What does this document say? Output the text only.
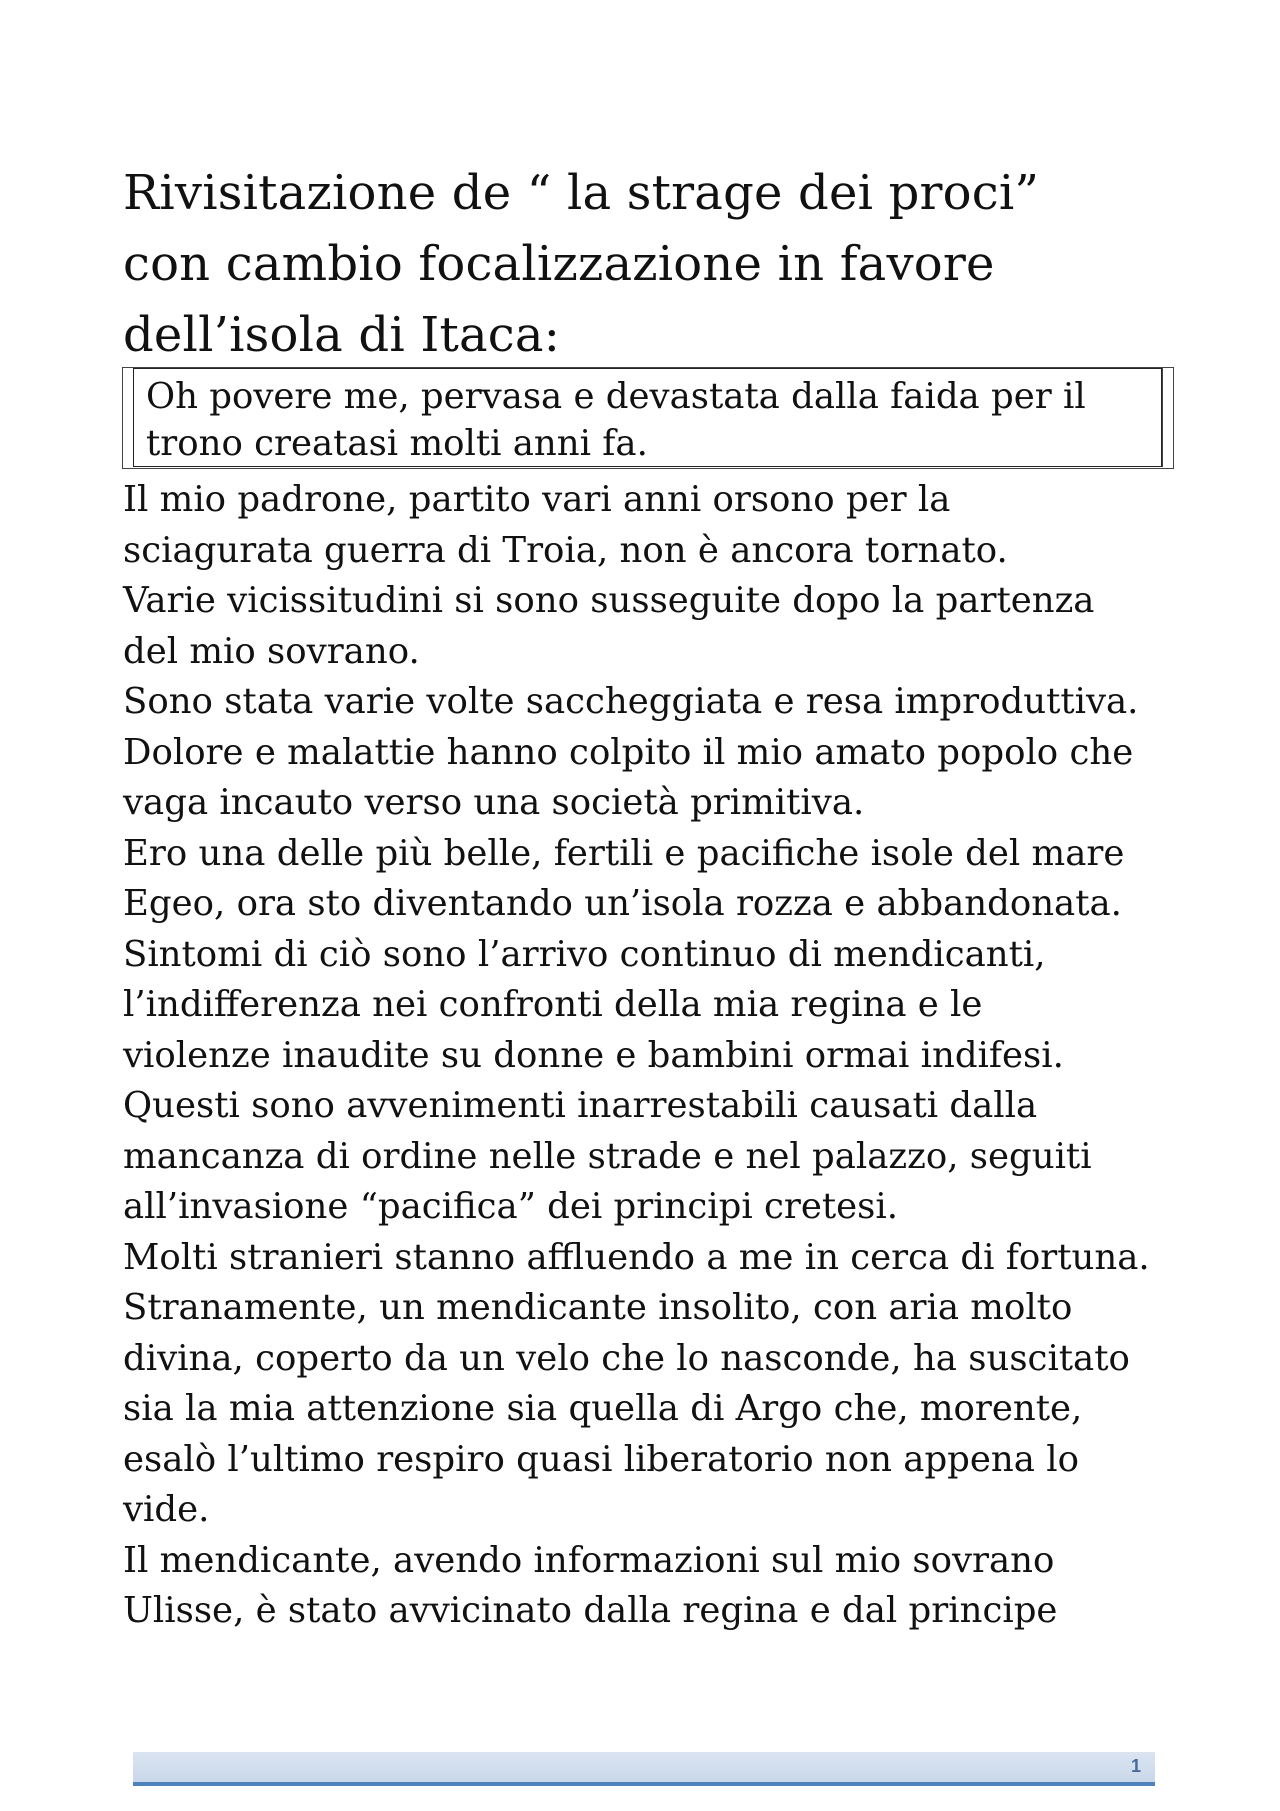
Rivisitazione de “ la strage dei proci”
con cambio focalizzazione in favore
dell’isola di Itaca:
Oh povere me, pervasa e devastata dalla faida per il
trono creatasi molti anni fa.
Il mio padrone, partito vari anni orsono per la
sciagurata guerra di Troia, non è ancora tornato.
Varie vicissitudini si sono susseguite dopo la partenza
del mio sovrano.
Sono stata varie volte saccheggiata e resa improduttiva.
Dolore e malattie hanno colpito il mio amato popolo che
vaga incauto verso una società primitiva.
Ero una delle più belle, fertili e pacifiche isole del mare
Egeo, ora sto diventando un’isola rozza e abbandonata.
Sintomi di ciò sono l’arrivo continuo di mendicanti,
l’indifferenza nei confronti della mia regina e le
violenze inaudite su donne e bambini ormai indifesi.
Questi sono avvenimenti inarrestabili causati dalla
mancanza di ordine nelle strade e nel palazzo, seguiti
all’invasione “pacifica” dei principi cretesi.
Molti stranieri stanno affluendo a me in cerca di fortuna.
Stranamente, un mendicante insolito, con aria molto
divina, coperto da un velo che lo nasconde, ha suscitato
sia la mia attenzione sia quella di Argo che, morente,
esalò l’ultimo respiro quasi liberatorio non appena lo
vide.
Il mendicante, avendo informazioni sul mio sovrano
Ulisse, è stato avvicinato dalla regina e dal principe
1
